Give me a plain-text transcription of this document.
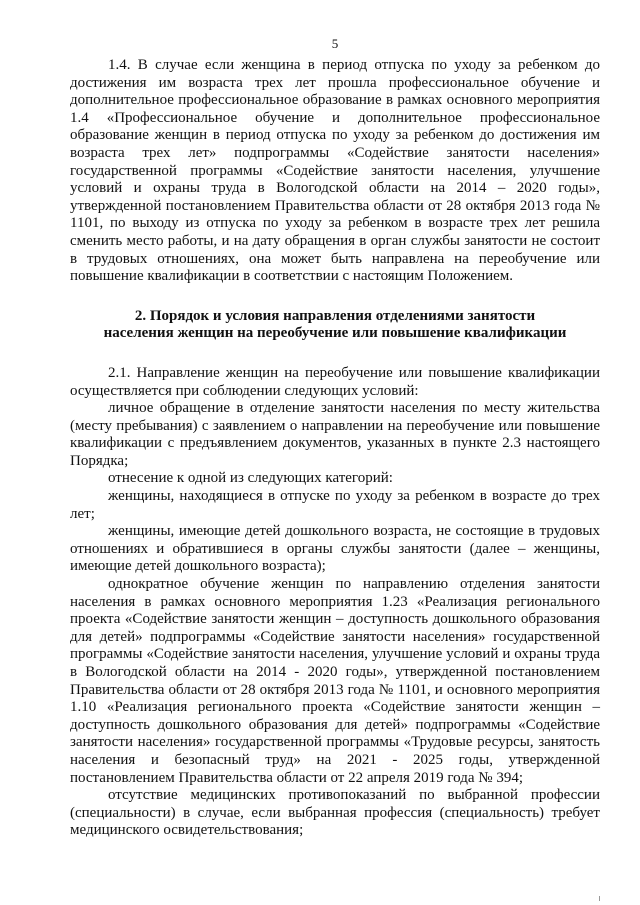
5

1.4. В случае если женщина в период отпуска по уходу за ребенком до достижения им возраста трех лет прошла профессиональное обучение и дополнительное профессиональное образование в рамках основного мероприятия 1.4 «Профессиональное обучение и дополнительное профессиональное образование женщин в период отпуска по уходу за ребенком до достижения им возраста трех лет» подпрограммы «Содействие занятости населения» государственной программы «Содействие занятости населения, улучшение условий и охраны труда в Вологодской области на 2014 – 2020 годы», утвержденной постановлением Правительства области от 28 октября 2013 года № 1101, по выходу из отпуска по уходу за ребенком в возрасте трех лет решила сменить место работы, и на дату обращения в орган службы занятости не состоит в трудовых отношениях, она может быть направлена на переобучение или повышение квалификации в соответствии с настоящим Положением.

2. Порядок и условия направления отделениями занятости
населения женщин на переобучение или повышение квалификации

2.1. Направление женщин на переобучение или повышение квалификации осуществляется при соблюдении следующих условий:

личное обращение в отделение занятости населения по месту жительства (месту пребывания) с заявлением о направлении на переобучение или повышение квалификации с предъявлением документов, указанных в пункте 2.3 настоящего Порядка;

отнесение к одной из следующих категорий:

женщины, находящиеся в отпуске по уходу за ребенком в возрасте до трех лет;

женщины, имеющие детей дошкольного возраста, не состоящие в трудовых отношениях и обратившиеся в органы службы занятости (далее – женщины, имеющие детей дошкольного возраста);

однократное обучение женщин по направлению отделения занятости населения в рамках основного мероприятия 1.23 «Реализация регионального проекта «Содействие занятости женщин – доступность дошкольного образования для детей» подпрограммы «Содействие занятости населения» государственной программы «Содействие занятости населения, улучшение условий и охраны труда в Вологодской области на 2014 - 2020 годы», утвержденной постановлением Правительства области от 28 октября 2013 года № 1101, и основного мероприятия 1.10 «Реализация регионального проекта «Содействие занятости женщин – доступность дошкольного образования для детей» подпрограммы «Содействие занятости населения» государственной программы «Трудовые ресурсы, занятость населения и безопасный труд» на 2021 - 2025 годы, утвержденной постановлением Правительства области от 22 апреля 2019 года № 394;

отсутствие медицинских противопоказаний по выбранной профессии (специальности) в случае, если выбранная профессия (специальность) требует медицинского освидетельствования;
